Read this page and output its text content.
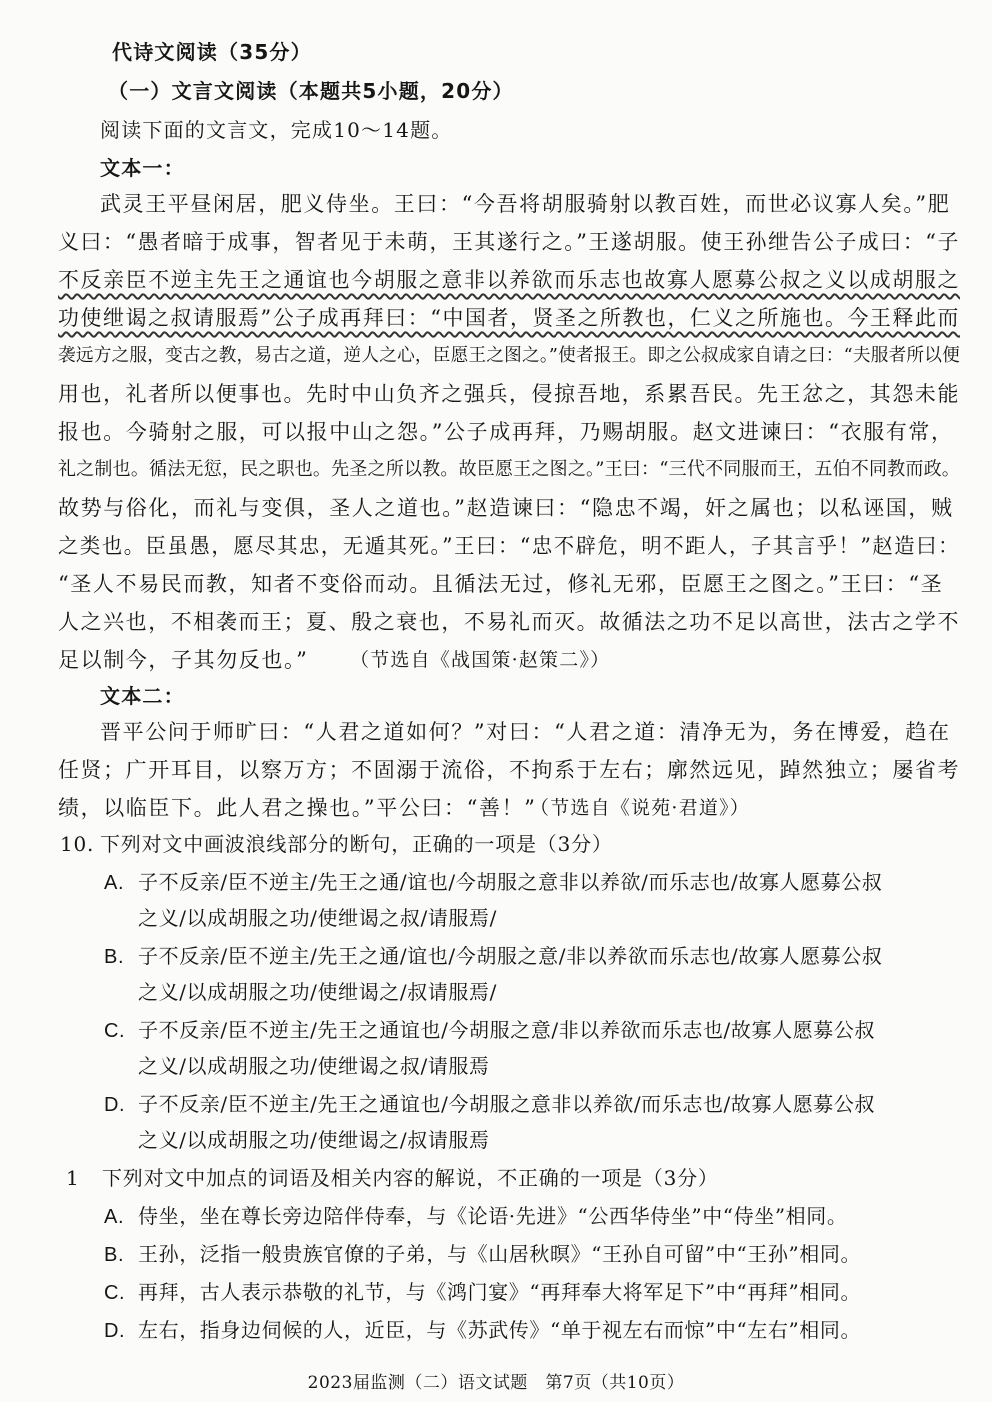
代诗文阅读（35分）
（一）文言文阅读（本题共5小题，20分）
阅读下面的文言文，完成10～14题。
文本一：
武灵王平昼闲居，肥义侍坐。王曰：“今吾将胡服骑射以教百姓，而世必议寡人矣。”肥
义曰：“愚者暗于成事，智者见于未萌，王其遂行之。”王遂胡服。使王孙绁告公子成曰：“子
不反亲臣不逆主先王之通谊也今胡服之意非以养欲而乐志也故寡人愿募公叔之义以成胡服之
功使绁谒之叔请服焉”公子成再拜曰：“中国者，贤圣之所教也，仁义之所施也。今王释此而
袭远方之服，变古之教，易古之道，逆人之心，臣愿王之图之。”使者报王。即之公叔成家自请之曰：“夫服者所以便
用也，礼者所以便事也。先时中山负齐之强兵，侵掠吾地，系累吾民。先王忿之，其怨未能
报也。今骑射之服，可以报中山之怨。”公子成再拜，乃赐胡服。赵文进谏曰：“衣服有常，
礼之制也。循法无愆，民之职也。先圣之所以教。故臣愿王之图之。”王曰：“三代不同服而王，五伯不同教而政。
故势与俗化，而礼与变俱，圣人之道也。”赵造谏曰：“隐忠不竭，奸之属也；以私诬国，贼
之类也。臣虽愚，愿尽其忠，无遁其死。”王曰：“忠不辟危，明不距人，子其言乎！”赵造曰：
“圣人不易民而教，知者不变俗而动。且循法无过，修礼无邪，臣愿王之图之。”王曰：“圣
人之兴也，不相袭而王；夏、殷之衰也，不易礼而灭。故循法之功不足以高世，法古之学不
足以制今，子其勿反也。” （节选自《战国策·赵策二》）
文本二：
晋平公问于师旷曰：“人君之道如何？”对曰：“人君之道：清净无为，务在博爱，趋在
任贤；广开耳目，以察万方；不固溺于流俗，不拘系于左右；廓然远见，踔然独立；屡省考
绩，以临臣下。此人君之操也。”平公曰：“善！”
（节选自《说苑·君道》）
10. 下列对文中画波浪线部分的断句，正确的一项是（3分）
A. 子不反亲/臣不逆主/先王之通/谊也/今胡服之意非以养欲/而乐志也/故寡人愿募公叔
之义/以成胡服之功/使绁谒之叔/请服焉/
B. 子不反亲/臣不逆主/先王之通/谊也/今胡服之意/非以养欲而乐志也/故寡人愿募公叔
之义/以成胡服之功/使绁谒之/叔请服焉/
C. 子不反亲/臣不逆主/先王之通谊也/今胡服之意/非以养欲而乐志也/故寡人愿募公叔
之义/以成胡服之功/使绁谒之叔/请服焉
D. 子不反亲/臣不逆主/先王之通谊也/今胡服之意非以养欲/而乐志也/故寡人愿募公叔
之义/以成胡服之功/使绁谒之/叔请服焉
1 下列对文中加点的词语及相关内容的解说，不正确的一项是（3分）
A. 侍坐，坐在尊长旁边陪伴侍奉，与《论语·先进》“公西华侍坐”中“侍坐”相同。
B. 王孙，泛指一般贵族官僚的子弟，与《山居秋暝》“王孙自可留”中“王孙”相同。
C. 再拜，古人表示恭敬的礼节，与《鸿门宴》“再拜奉大将军足下”中“再拜”相同。
D. 左右，指身边伺候的人，近臣，与《苏武传》“单于视左右而惊”中“左右”相同。
2023届监测（二）语文试题　第7页（共10页）
